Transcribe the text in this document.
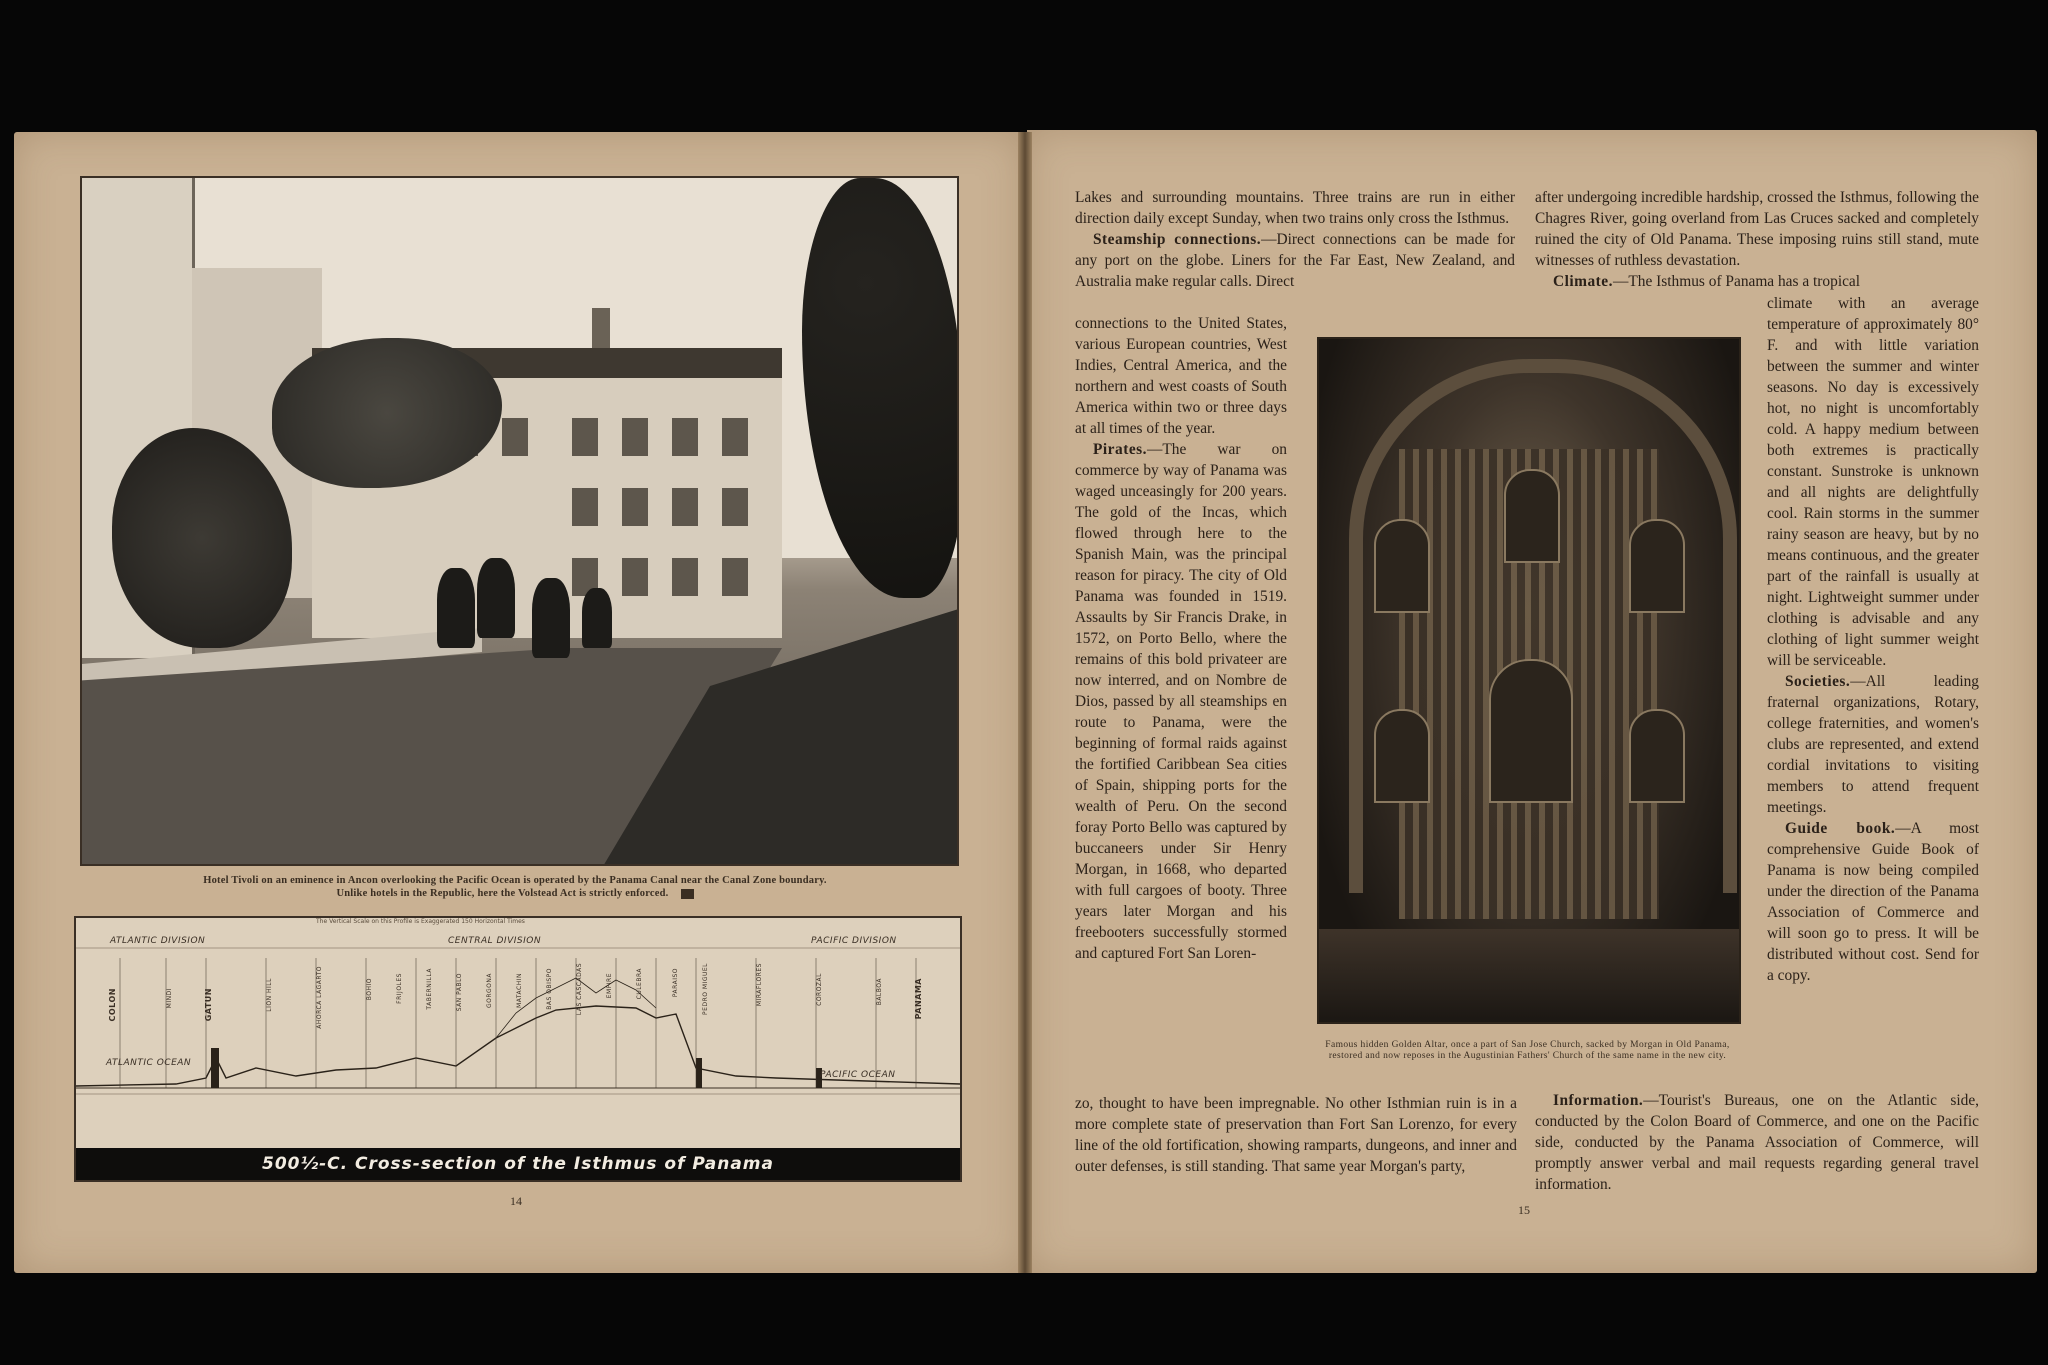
Hotel Tivoli on an eminence in Ancon overlooking the Pacific Ocean is operated by the Panama Canal near the Canal Zone boundary.
Unlike hotels in the Republic, here the Volstead Act is strictly enforced.
The Vertical Scale on this Profile is Exaggerated 150 Horizontal Times
ATLANTIC DIVISION	CENTRAL DIVISION	PACIFIC DIVISION
ATLANTIC OCEAN
PACIFIC OCEAN
COLON	MINDI	GATUN	LION HILL	AHORCA LAGARTO	BOHIO	FRIJOLES	TABERNILLA	SAN PABLO	GORGONA	MATACHIN	BAS OBISPO	LAS CASCADAS	EMPIRE	CULEBRA	PARAISO	PEDRO MIGUEL	MIRAFLORES	COROZAL	BALBOA	PANAMA
500½-C. Cross-section of the Isthmus of Panama
14

Lakes and surrounding mountains. Three trains are run in either direction daily except Sunday, when two trains only cross the Isthmus.

Steamship connections.—Direct connections can be made for any port on the globe. Liners for the Far East, New Zealand, and Australia make regular calls. Direct

connections to the United States, various European countries, West Indies, Central America, and the northern and west coasts of South America within two or three days at all times of the year.

Pirates.—The war on commerce by way of Panama was waged unceasingly for 200 years. The gold of the Incas, which flowed through here to the Spanish Main, was the principal reason for piracy. The city of Old Panama was founded in 1519. Assaults by Sir Francis Drake, in 1572, on Porto Bello, where the remains of this bold privateer are now interred, and on Nombre de Dios, passed by all steamships en route to Panama, were the beginning of formal raids against the fortified Caribbean Sea cities of Spain, shipping ports for the wealth of Peru. On the second foray Porto Bello was captured by buccaneers under Sir Henry Morgan, in 1668, who departed with full cargoes of booty. Three years later Morgan and his freebooters successfully stormed and captured Fort San Loren-

zo, thought to have been impregnable. No other Isthmian ruin is in a more complete state of preservation than Fort San Lorenzo, for every line of the old fortification, showing ramparts, dungeons, and inner and outer defenses, is still standing. That same year Morgan's party,

after undergoing incredible hardship, crossed the Isthmus, following the Chagres River, going overland from Las Cruces sacked and completely ruined the city of Old Panama. These imposing ruins still stand, mute witnesses of ruthless devastation.

Climate.—The Isthmus of Panama has a tropical

climate with an average temperature of approximately 80° F. and with little variation between the summer and winter seasons. No day is excessively hot, no night is uncomfortably cold. A happy medium between both extremes is practically constant. Sunstroke is unknown and all nights are delightfully cool. Rain storms in the summer rainy season are heavy, but by no means continuous, and the greater part of the rainfall is usually at night. Lightweight summer under clothing is advisable and any clothing of light summer weight will be serviceable.

Societies.—All leading fraternal organizations, Rotary, college fraternities, and women's clubs are represented, and extend cordial invitations to visiting members to attend frequent meetings.

Guide book.—A most comprehensive Guide Book of Panama is now being compiled under the direction of the Panama Association of Commerce and will soon go to press. It will be distributed without cost. Send for a copy.

Information.—Tourist's Bureaus, one on the Atlantic side, conducted by the Colon Board of Commerce, and one on the Pacific side, conducted by the Panama Association of Commerce, will promptly answer verbal and mail requests regarding general travel information.

Famous hidden Golden Altar, once a part of San Jose Church, sacked by Morgan in Old Panama, restored and now reposes in the Augustinian Fathers' Church of the same name in the new city.
15
